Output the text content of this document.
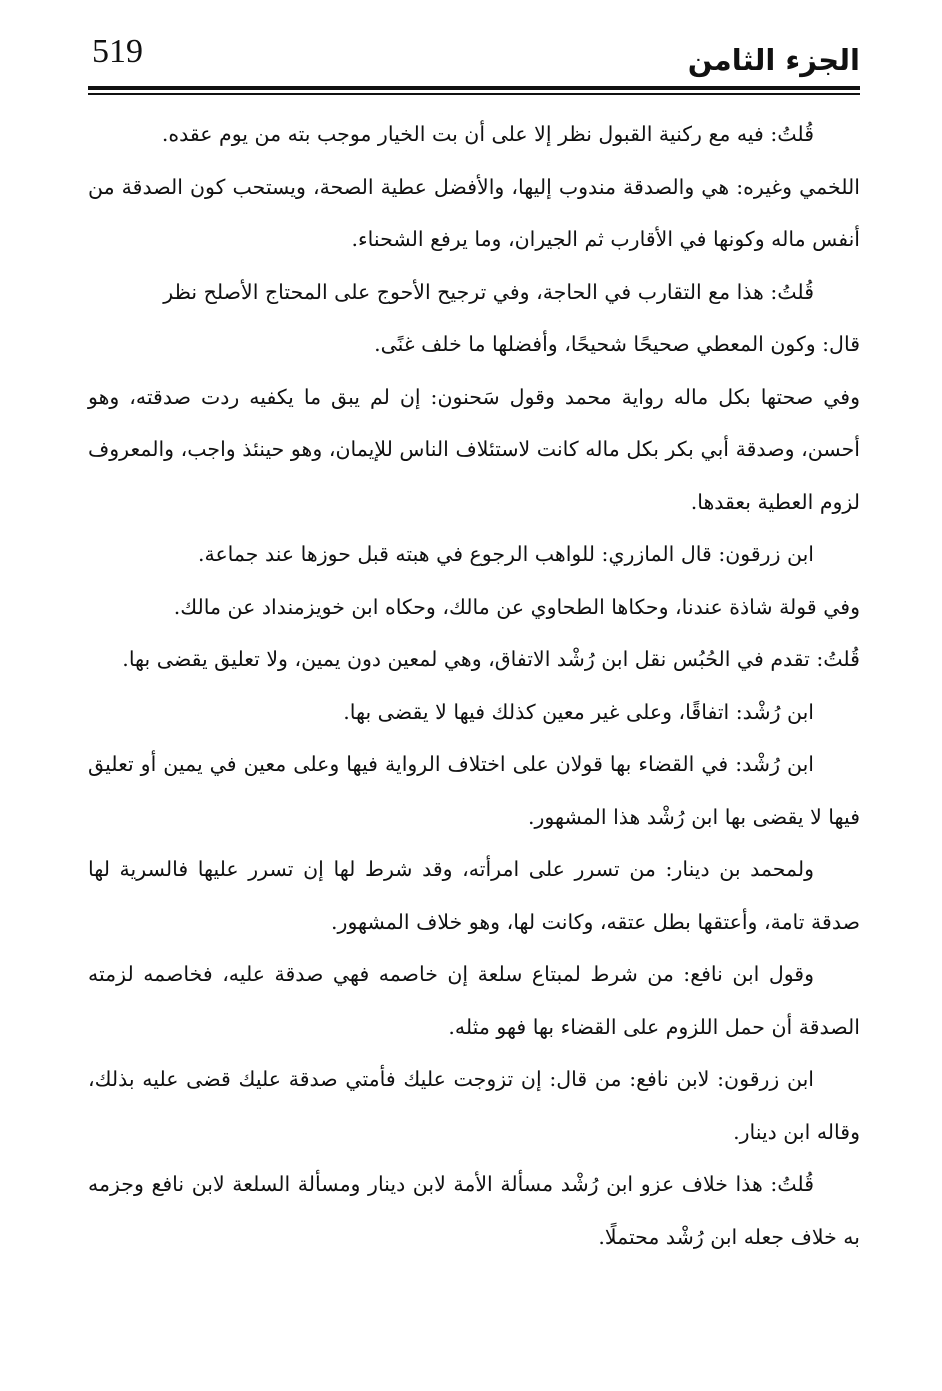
519	الجزء الثامن

قُلتُ: فيه مع ركنية القبول نظر إلا على أن بت الخيار موجب بته من يوم عقده.

اللخمي وغيره: هي والصدقة مندوب إليها، والأفضل عطية الصحة، ويستحب كون الصدقة من أنفس ماله وكونها في الأقارب ثم الجيران، وما يرفع الشحناء.

قُلتُ: هذا مع التقارب في الحاجة، وفي ترجيح الأحوج على المحتاج الأصلح نظر

قال: وكون المعطي صحيحًا شحيحًا، وأفضلها ما خلف غنًى.

وفي صحتها بكل ماله رواية محمد وقول سَحنون: إن لم يبق ما يكفيه ردت صدقته، وهو أحسن، وصدقة أبي بكر بكل ماله كانت لاستئلاف الناس للإيمان، وهو حينئذ واجب، والمعروف لزوم العطية بعقدها.

ابن زرقون: قال المازري: للواهب الرجوع في هبته قبل حوزها عند جماعة.

وفي قولة شاذة عندنا، وحكاها الطحاوي عن مالك، وحكاه ابن خويزمنداد عن مالك.

قُلتُ: تقدم في الحُبُس نقل ابن رُشْد الاتفاق، وهي لمعين دون يمين، ولا تعليق يقضى بها.

ابن رُشْد: اتفاقًا، وعلى غير معين كذلك فيها لا يقضى بها.

ابن رُشْد: في القضاء بها قولان على اختلاف الرواية فيها وعلى معين في يمين أو تعليق فيها لا يقضى بها ابن رُشْد هذا المشهور.

ولمحمد بن دينار: من تسرر على امرأته، وقد شرط لها إن تسرر عليها فالسرية لها صدقة تامة، وأعتقها بطل عتقه، وكانت لها، وهو خلاف المشهور.

وقول ابن نافع: من شرط لمبتاع سلعة إن خاصمه فهي صدقة عليه، فخاصمه لزمته الصدقة أن حمل اللزوم على القضاء بها فهو مثله.

ابن زرقون: لابن نافع: من قال: إن تزوجت عليك فأمتي صدقة عليك قضى عليه بذلك، وقاله ابن دينار.

قُلتُ: هذا خلاف عزو ابن رُشْد مسألة الأمة لابن دينار ومسألة السلعة لابن نافع وجزمه به خلاف جعله ابن رُشْد محتملًا.
